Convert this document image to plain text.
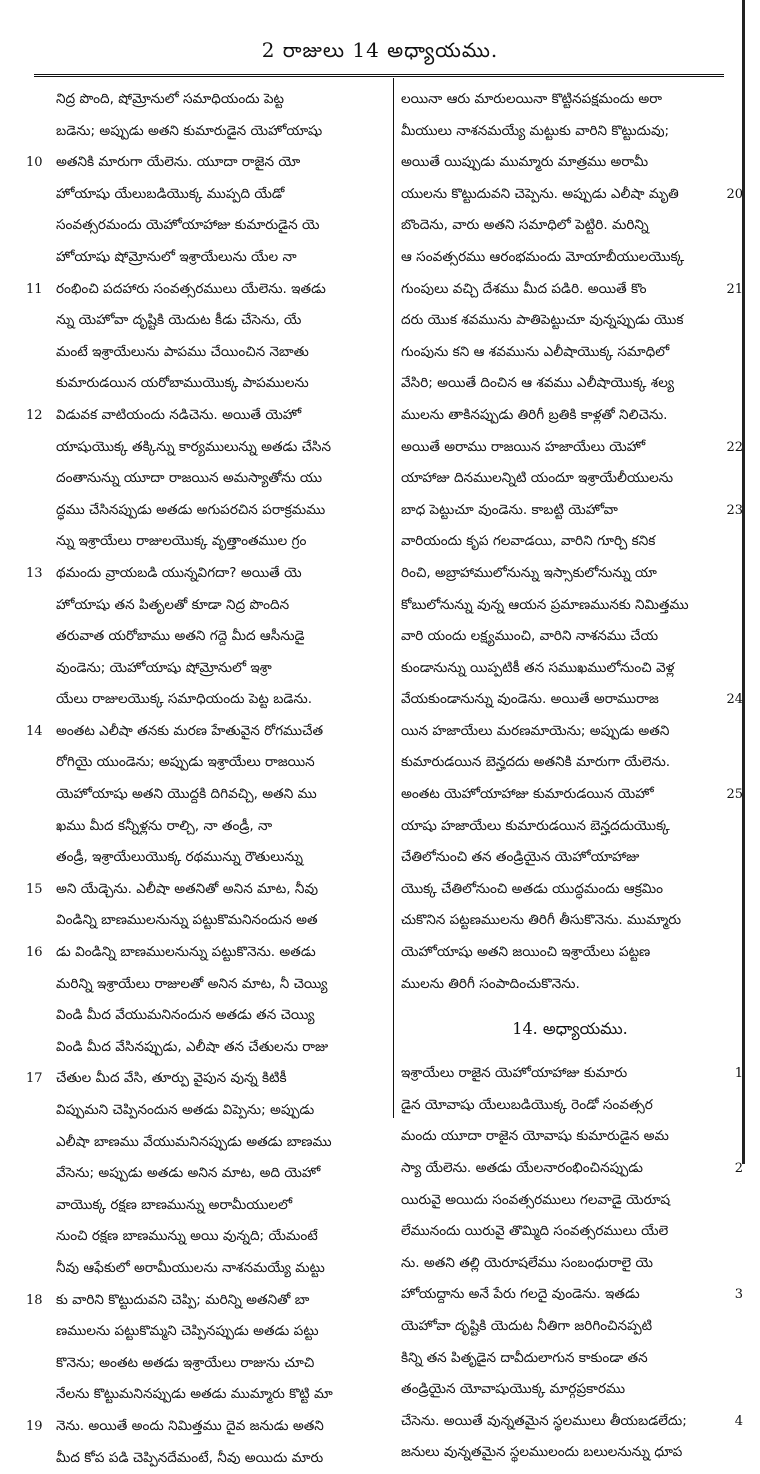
2 రాజులు 14 అధ్యాయము.
నిద్ర పొంది, షోమ్రోనులో సమాధియందు పెట్ట
బడెను; అప్పుడు అతని కుమారుడైన యెహోయాషు
10 అతనికి మారుగా యేలెను. యూదా రాజైన యో
హోయాషు యేలుబడియొక్క ముప్పది యేడో
సంవత్సరమందు యెహోయాహాజు కుమారుడైన యె
హోయాషు షోమ్రోనులో ఇశ్రాయేలును యేల నా
11 రంభించి పదహారు సంవత్సరములు యేలెను. ఇతడు
న్ను యెహోవా దృష్టికి యెదుట కీడు చేసెను, యే
మంటే ఇశ్రాయేలును పాపము చేయించిన నెబాతు
కుమారుడయిన యరోబాముయొక్క పాపములను
12 విడువక వాటియందు నడిచెను. అయితే యెహో
యాషుయొక్క తక్కిన్ను కార్యములున్ను అతడు చేసిన
దంతానున్ను యూదా రాజయిన అమస్యాతోను యు
ద్ధము చేసినప్పుడు అతడు అగుపరచిన పరాక్రమము
న్ను ఇశ్రాయేలు రాజులయొక్క వృత్తాంతముల గ్రం
13 థమందు వ్రాయబడి యున్నవిగదా? అయితే యె
హోయాషు తన పితృలతో కూడా నిద్ర పొందిన
తరువాత యరోబాము అతని గద్దె మీద ఆసీనుడై
వుండెను; యెహోయాషు షోమ్రోనులో ఇశ్రా
యేలు రాజులయొక్క సమాధియందు పెట్ట బడెను.
14 అంతట ఎలీషా తనకు మరణ హేతువైన రోగముచేత
రోగియై యుండెను; అప్పుడు ఇశ్రాయేలు రాజయిన
యెహోయాషు అతని యొద్దకి దిగివచ్చి, అతని ము
ఖము మీద కన్నీళ్లను రాల్చి, నా తండ్రీ, నా
తండ్రీ, ఇశ్రాయేలుయొక్క రథమున్ను రౌతులున్ను
15 అని యేడ్చెను. ఎలీషా అతనితో అనిన మాట, నీవు
విండిన్ని బాణములనున్ను పట్టుకొమనినందున అత
16 డు విండిన్ని బాణములనున్ను పట్టుకొనెను. అతడు
మరిన్ని ఇశ్రాయేలు రాజులతో అనిన మాట, నీ చెయ్యి
విండి మీద వేయుమనినందున అతడు తన చెయ్యి
విండి మీద వేసినప్పుడు, ఎలీషా తన చేతులను రాజు
17 చేతుల మీద వేసి, తూర్పు వైపున వున్న కిటికీ
విప్పుమని చెప్పినందున అతడు విప్పెను; అప్పుడు
ఎలీషా బాణము వేయుమనినప్పుడు అతడు బాణము
వేసెను; అప్పుడు అతడు అనిన మాట, అది యెహో
వాయొక్క రక్షణ బాణమున్ను అరామీయులలో
నుంచి రక్షణ బాణమున్ను అయి వున్నది; యేమంటే
నీవు ఆఫేకులో అరామీయులను నాశనమయ్యే మట్టు
18 కు వారిని కొట్టుదువని చెప్పి; మరిన్ని అతనితో బా
ణములను పట్టుకొమ్మని చెప్పినప్పుడు అతడు పట్టు
కొనెను; అంతట అతడు ఇశ్రాయేలు రాజును చూచి
నేలను కొట్టుమనినప్పుడు అతడు ముమ్మారు కొట్టి మా
19 నెను. అయితే అందు నిమిత్తము దైవ జనుడు అతని
మీద కోప పడి చెప్పినదేమంటే, నీవు అయిదు మారు
లయినా ఆరు మారులయినా కొట్టినపక్షమందు అరా
మీయులు నాశనమయ్యే మట్టుకు వారిని కొట్టుదువు;
అయితే యిప్పుడు ముమ్మారు మాత్రము అరామీ
20
యులను కొట్టుదువని చెప్పెను. అప్పుడు ఎలీషా మృతి
బొందెను, వారు అతని సమాధిలో పెట్టిరి. మరిన్ని
ఆ సంవత్సరము ఆరంభమందు మోయాబీయులయొక్క
21
గుంపులు వచ్చి దేశము మీద పడిరి. అయితే కొం
దరు యొక శవమును పాతిపెట్టుచూ వున్నప్పుడు యొక
గుంపును కని ఆ శవమును ఎలీషాయొక్క సమాధిలో
వేసిరి; అయితే దించిన ఆ శవము ఎలీషాయొక్క శల్య
ములను తాకినప్పుడు తిరిగీ బ్రతికి కాళ్లతో నిలిచెను.
22
అయితే అరాము రాజయిన హజాయేలు యెహో
యాహాజు దినములన్నిటి యందూ ఇశ్రాయేలీయులను
23
బాధ పెట్టుచూ వుండెను. కాబట్టి యెహోవా
వారియందు కృప గలవాడయి, వారిని గూర్చి కనిక
రించి, అబ్రాహాములోనున్ను ఇస్సాకులోనున్ను యా
కోబులోనున్ను వున్న ఆయన ప్రమాణమునకు నిమిత్తము
వారి యందు లక్ష్యముంచి, వారిని నాశనము చేయ
కుండానున్ను యిప్పటికీ తన సముఖములోనుంచి వెళ్ల
24
వేయకుండానున్ను వుండెను. అయితే అరామురాజ
యిన హజాయేలు మరణమాయెను; అప్పుడు అతని
కుమారుడయిన బెన్హదదు అతనికి మారుగా యేలెను.
25
అంతట యెహోయాహాజు కుమారుడయిన యెహో
యాషు హజాయేలు కుమారుడయిన బెన్హదదుయొక్క
చేతిలోనుంచి తన తండ్రియైన యెహోయాహాజు
యొక్క చేతిలోనుంచి అతడు యుద్ధమందు ఆక్రమిం
చుకొనిన పట్టణములను తిరిగీ తీసుకొనెను. ముమ్మారు
యెహోయాషు అతని జయించి ఇశ్రాయేలు పట్టణ
ములను తిరిగీ సంపాదించుకొనెను.
14. అధ్యాయము.
1
ఇశ్రాయేలు రాజైన యెహోయాహాజు కుమారు
డైన యోవాషు యేలుబడియొక్క రెండో సంవత్సర
మందు యూదా రాజైన యోవాషు కుమారుడైన అమ
2
స్యా యేలెను. అతడు యేలనారంభించినప్పుడు
యిరువై అయిదు సంవత్సరములు గలవాడై యెరూష
లేమునందు యిరువై తొమ్మిది సంవత్సరములు యేలె
ను. అతని తల్లి యెరూషలేము సంబంధురాలై యె
3
హోయద్దాను అనే పేరు గలదై వుండెను. ఇతడు
యెహోవా దృష్టికి యెదుట నీతిగా జరిగించినప్పటి
కిన్ని తన పితృడైన దావీదులాగున కాకుండా తన
తండ్రియైన యోవాషుయొక్క మార్గప్రకారము
4
చేసెను. అయితే వున్నతమైన స్థలములు తీయబడలేదు;
జనులు వున్నతమైన స్థలములందు బలులనున్ను ధూప
